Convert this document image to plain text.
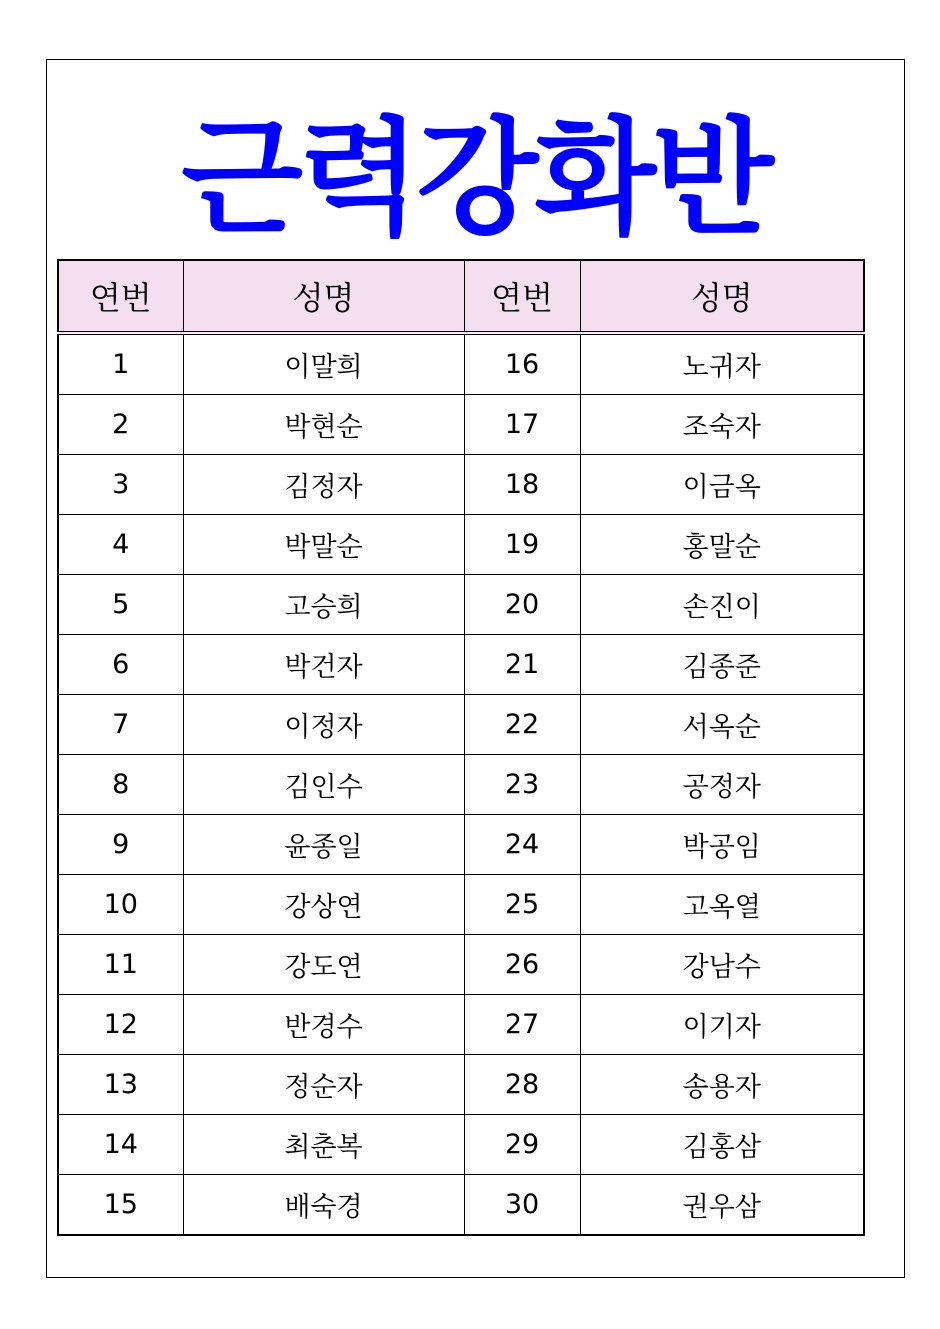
근력강화반
연번	성명	연번	성명
1	이말희	16	노귀자
2	박현순	17	조숙자
3	김정자	18	이금옥
4	박말순	19	홍말순
5	고승희	20	손진이
6	박건자	21	김종준
7	이정자	22	서옥순
8	김인수	23	공정자
9	윤종일	24	박공임
10	강상연	25	고옥열
11	강도연	26	강남수
12	반경수	27	이기자
13	정순자	28	송용자
14	최춘복	29	김홍삼
15	배숙경	30	권우삼
